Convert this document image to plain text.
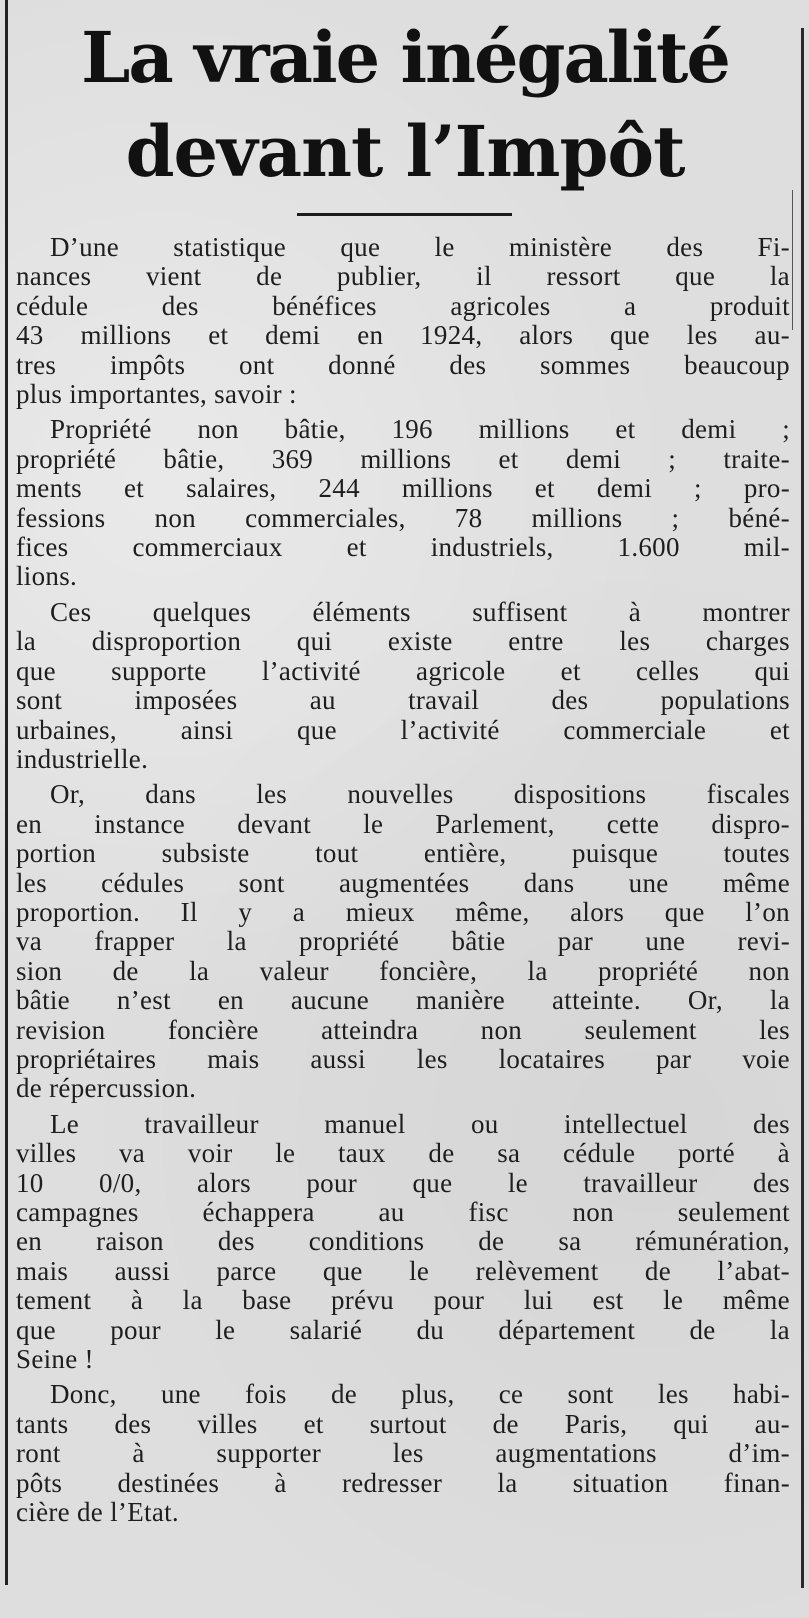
La vraie inégalité
devant l’Impôt
D’une statistique que le ministère des Fi-
nances vient de publier, il ressort que la
cédule	des	bénéfices	agricoles	a	produit
43 millions et demi en 1924, alors que les au-
tres impôts ont donné des sommes beaucoup
plus importantes, savoir :
Propriété non bâtie, 196 millions et demi ;
propriété bâtie, 369 millions et demi ; traite-
ments et salaires, 244 millions et demi ; pro-
fessions non commerciales, 78 millions ; béné-
fices commerciaux et industriels, 1.600 mil-
lions.
Ces quelques éléments suffisent à montrer
la disproportion qui existe entre les charges
que supporte l’activité agricole et celles qui
sont	imposées	au	travail	des	populations
urbaines, ainsi que l’activité commerciale et
industrielle.
Or, dans les nouvelles dispositions fiscales
en instance devant le Parlement, cette dispro-
portion subsiste tout entière, puisque toutes
les cédules sont augmentées dans une même
proportion. Il y a mieux même, alors que l’on
va frapper la propriété bâtie par une revi-
sion de la valeur foncière, la propriété non
bâtie n’est en aucune manière atteinte. Or, la
revision foncière atteindra non seulement les
propriétaires mais aussi les locataires par voie
de répercussion.
Le travailleur manuel ou intellectuel des
villes va voir le taux de sa cédule porté à
10 0/0, alors pour que le travailleur des
campagnes échappera au fisc non seulement
en raison des conditions de sa rémunération,
mais aussi parce que le relèvement de l’abat-
tement à la base prévu pour lui est le même
que pour le salarié du département de la
Seine !
Donc, une fois de plus, ce sont les habi-
tants des villes et surtout de Paris, qui au-
ront	à	supporter	les	augmentations	d’im-
pôts destinées à redresser la situation finan-
cière de l’Etat.
